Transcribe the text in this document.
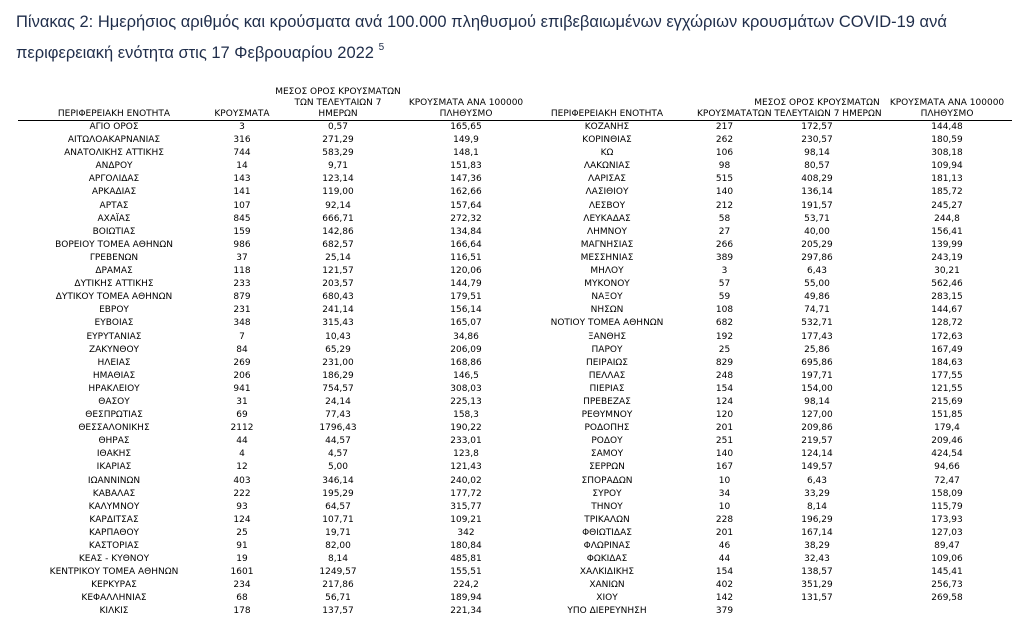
Πίνακας 2: Ημερήσιος αριθμός και κρούσματα ανά 100.000 πληθυσμού επιβεβαιωμένων εγχώριων κρουσμάτων COVID-19 ανά περιφερειακή ενότητα στις 17 Φεβρουαρίου 2022 $^5$
ΠΕΡΙΦΕΡΕΙΑΚΗ ΕΝΟΤΗΤΑ	ΚΡΟΥΣΜΑΤΑ	ΜΕΣΟΣ ΟΡΟΣ ΚΡΟΥΣΜΑΤΩΝ ΤΩΝ ΤΕΛΕΥΤΑΙΩΝ 7 ΗΜΕΡΩΝ	ΚΡΟΥΣΜΑΤΑ ΑΝΑ 100000 ΠΛΗΘΥΣΜΟ
ΑΓΙΟ ΟΡΟΣ	3	0,57	165,65
ΑΙΤΩΛΟΑΚΑΡΝΑΝΙΑΣ	316	271,29	149,9
ΑΝΑΤΟΛΙΚΗΣ ΑΤΤΙΚΗΣ	744	583,29	148,1
ΑΝΔΡΟΥ	14	9,71	151,83
ΑΡΓΟΛΙΔΑΣ	143	123,14	147,36
ΑΡΚΑΔΙΑΣ	141	119,00	162,66
ΑΡΤΑΣ	107	92,14	157,64
ΑΧΑΪΑΣ	845	666,71	272,32
ΒΟΙΩΤΙΑΣ	159	142,86	134,84
ΒΟΡΕΙΟΥ ΤΟΜΕΑ ΑΘΗΝΩΝ	986	682,57	166,64
ΓΡΕΒΕΝΩΝ	37	25,14	116,51
ΔΡΑΜΑΣ	118	121,57	120,06
ΔΥΤΙΚΗΣ ΑΤΤΙΚΗΣ	233	203,57	144,79
ΔΥΤΙΚΟΥ ΤΟΜΕΑ ΑΘΗΝΩΝ	879	680,43	179,51
ΕΒΡΟΥ	231	241,14	156,14
ΕΥΒΟΙΑΣ	348	315,43	165,07
ΕΥΡΥΤΑΝΙΑΣ	7	10,43	34,86
ΖΑΚΥΝΘΟΥ	84	65,29	206,09
ΗΛΕΙΑΣ	269	231,00	168,86
ΗΜΑΘΙΑΣ	206	186,29	146,5
ΗΡΑΚΛΕΙΟΥ	941	754,57	308,03
ΘΑΣΟΥ	31	24,14	225,13
ΘΕΣΠΡΩΤΙΑΣ	69	77,43	158,3
ΘΕΣΣΑΛΟΝΙΚΗΣ	2112	1796,43	190,22
ΘΗΡΑΣ	44	44,57	233,01
ΙΘΑΚΗΣ	4	4,57	123,8
ΙΚΑΡΙΑΣ	12	5,00	121,43
ΙΩΑΝΝΙΝΩΝ	403	346,14	240,02
ΚΑΒΑΛΑΣ	222	195,29	177,72
ΚΑΛΥΜΝΟΥ	93	64,57	315,77
ΚΑΡΔΙΤΣΑΣ	124	107,71	109,21
ΚΑΡΠΑΘΟΥ	25	19,71	342
ΚΑΣΤΟΡΙΑΣ	91	82,00	180,84
ΚΕΑΣ - ΚΥΘΝΟΥ	19	8,14	485,81
ΚΕΝΤΡΙΚΟΥ ΤΟΜΕΑ ΑΘΗΝΩΝ	1601	1249,57	155,51
ΚΕΡΚΥΡΑΣ	234	217,86	224,2
ΚΕΦΑΛΛΗΝΙΑΣ	68	56,71	189,94
ΚΙΛΚΙΣ	178	137,57	221,34
ΠΕΡΙΦΕΡΕΙΑΚΗ ΕΝΟΤΗΤΑ	ΚΡΟΥΣΜΑΤΑ	ΜΕΣΟΣ ΟΡΟΣ ΚΡΟΥΣΜΑΤΩΝ ΤΩΝ ΤΕΛΕΥΤΑΙΩΝ 7 ΗΜΕΡΩΝ	ΚΡΟΥΣΜΑΤΑ ΑΝΑ 100000 ΠΛΗΘΥΣΜΟ
ΚΟΖΑΝΗΣ	217	172,57	144,48
ΚΟΡΙΝΘΙΑΣ	262	230,57	180,59
ΚΩ	106	98,14	308,18
ΛΑΚΩΝΙΑΣ	98	80,57	109,94
ΛΑΡΙΣΑΣ	515	408,29	181,13
ΛΑΣΙΘΙΟΥ	140	136,14	185,72
ΛΕΣΒΟΥ	212	191,57	245,27
ΛΕΥΚΑΔΑΣ	58	53,71	244,8
ΛΗΜΝΟΥ	27	40,00	156,41
ΜΑΓΝΗΣΙΑΣ	266	205,29	139,99
ΜΕΣΣΗΝΙΑΣ	389	297,86	243,19
ΜΗΛΟΥ	3	6,43	30,21
ΜΥΚΟΝΟΥ	57	55,00	562,46
ΝΑΞΟΥ	59	49,86	283,15
ΝΗΣΩΝ	108	74,71	144,67
ΝΟΤΙΟΥ ΤΟΜΕΑ ΑΘΗΝΩΝ	682	532,71	128,72
ΞΑΝΘΗΣ	192	177,43	172,63
ΠΑΡΟΥ	25	25,86	167,49
ΠΕΙΡΑΙΩΣ	829	695,86	184,63
ΠΕΛΛΑΣ	248	197,71	177,55
ΠΙΕΡΙΑΣ	154	154,00	121,55
ΠΡΕΒΕΖΑΣ	124	98,14	215,69
ΡΕΘΥΜΝΟΥ	120	127,00	151,85
ΡΟΔΟΠΗΣ	201	209,86	179,4
ΡΟΔΟΥ	251	219,57	209,46
ΣΑΜΟΥ	140	124,14	424,54
ΣΕΡΡΩΝ	167	149,57	94,66
ΣΠΟΡΑΔΩΝ	10	6,43	72,47
ΣΥΡΟΥ	34	33,29	158,09
ΤΗΝΟΥ	10	8,14	115,79
ΤΡΙΚΑΛΩΝ	228	196,29	173,93
ΦΘΙΩΤΙΔΑΣ	201	167,14	127,03
ΦΛΩΡΙΝΑΣ	46	38,29	89,47
ΦΩΚΙΔΑΣ	44	32,43	109,06
ΧΑΛΚΙΔΙΚΗΣ	154	138,57	145,41
ΧΑΝΙΩΝ	402	351,29	256,73
ΧΙΟΥ	142	131,57	269,58
ΥΠΟ ΔΙΕΡΕΥΝΗΣΗ	379		
